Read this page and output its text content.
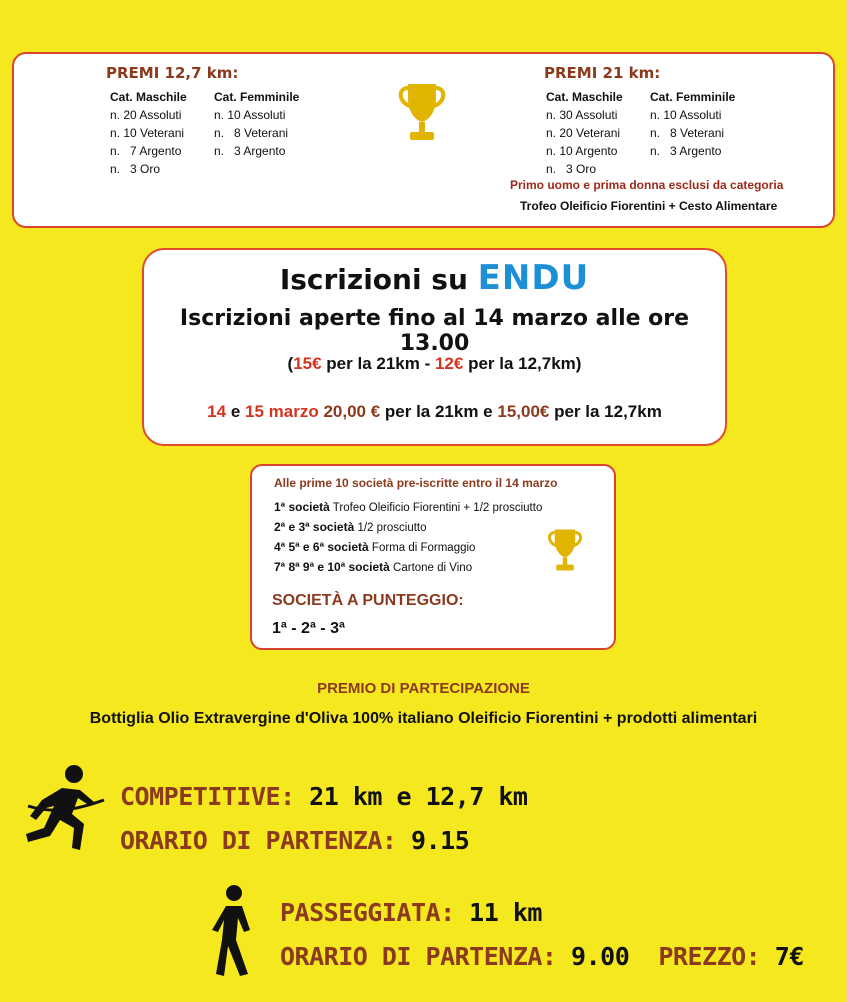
PREMI 12,7 km:
Cat. Maschile
n. 20 Assoluti
n. 10 Veterani
n.   7 Argento
n.   3 Oro
Cat. Femminile
n. 10 Assoluti
n.   8 Veterani
n.   3 Argento
PREMI 21 km:
Cat. Maschile
n. 30 Assoluti
n. 20 Veterani
n. 10 Argento
n.   3 Oro
Cat. Femminile
n. 10 Assoluti
n.   8 Veterani
n.   3 Argento
Primo uomo e prima donna esclusi da categoria
Trofeo Oleificio Fiorentini + Cesto Alimentare
Iscrizioni su ENDU
Iscrizioni aperte fino al 14 marzo alle ore 13.00
(15€ per la 21km - 12€ per la 12,7km)
14 e 15 marzo 20,00 € per la 21km e 15,00€ per la 12,7km
Alle prime 10 società pre-iscritte entro il 14 marzo
1ª società Trofeo Oleificio Fiorentini + 1/2 prosciutto
2ª e 3ª società 1/2 prosciutto
4ª 5ª e 6ª società Forma di Formaggio
7ª 8ª 9ª e 10ª società Cartone di Vino
SOCIETÀ A PUNTEGGIO:
1ª - 2ª - 3ª
PREMIO DI PARTECIPAZIONE
Bottiglia Olio Extravergine d'Oliva 100% italiano Oleificio Fiorentini + prodotti alimentari
COMPETITIVE: 21 km e 12,7 km
ORARIO DI PARTENZA: 9.15
PASSEGGIATA: 11 km
ORARIO DI PARTENZA: 9.00 PREZZO: 7€
